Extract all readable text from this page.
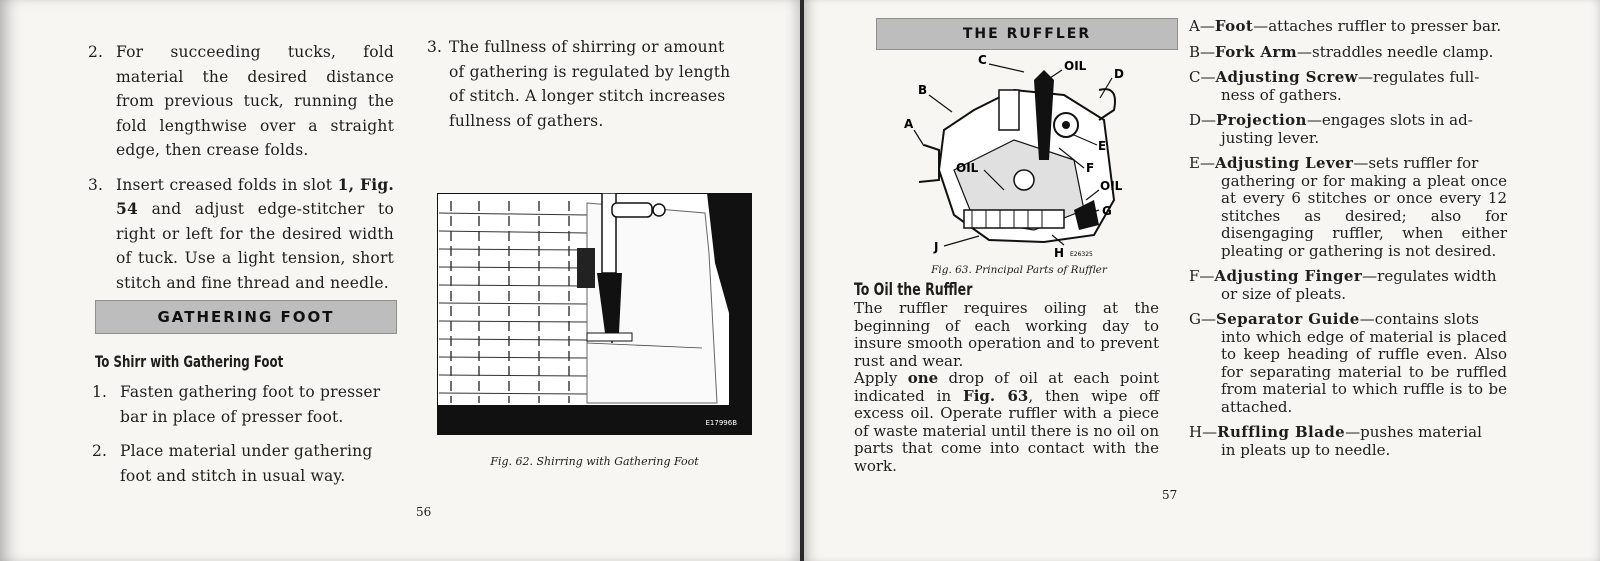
2. For succeeding tucks, fold material the desired distance from previous tuck, running the fold lengthwise over a straight edge, then crease folds.
3. Insert creased folds in slot 1, Fig. 54 and adjust edge-stitcher to right or left for the desired width of tuck. Use a light tension, short stitch and fine thread and needle.
GATHERING FOOT
To Shirr with Gathering Foot
1. Fasten gathering foot to presser bar in place of presser foot.
2. Place material under gathering foot and stitch in usual way.
3. The fullness of shirring or amount of gathering is regulated by length of stitch. A longer stitch increases fullness of gathers.
E17996B
Fig. 62. Shirring with Gathering Foot
56
THE RUFFLER
C	OIL
B
D
A
E
OIL	F
OIL
G
J	H E26325
Fig. 63. Principal Parts of Ruffler
To Oil the Ruffler
The ruffler requires oiling at the beginning of each working day to insure smooth operation and to prevent rust and wear.
Apply one drop of oil at each point indicated in Fig. 63, then wipe off excess oil. Operate ruffler with a piece of waste material until there is no oil on parts that come into contact with the work.
57
A—Foot—attaches ruffler to presser bar.
B—Fork Arm—straddles needle clamp.
C—Adjusting Screw—regulates full-
ness of gathers.
D—Projection—engages slots in ad-
justing lever.
E—Adjusting Lever—sets ruffler for
gathering or for making a pleat once at every 6 stitches or once every 12 stitches as desired; also for disengaging ruffler, when either pleating or gathering is not desired.
F—Adjusting Finger—regulates width
or size of pleats.
G—Separator Guide—contains slots
into which edge of material is placed to keep heading of ruffle even. Also for separating material to be ruffled from material to which ruffle is to be attached.
H—Ruffling Blade—pushes material
in pleats up to needle.
